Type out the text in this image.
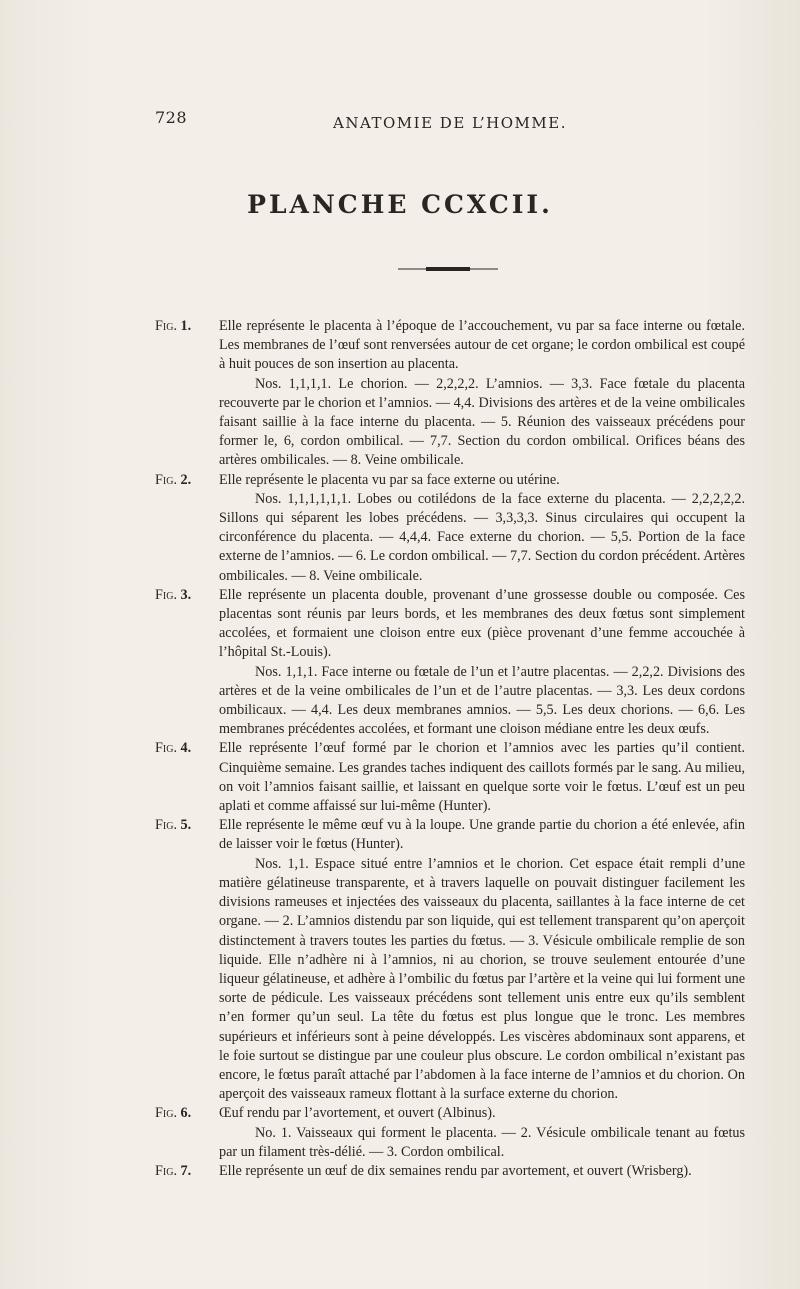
728	ANATOMIE DE L’HOMME.
PLANCHE CCXCII.
Fig. 1. Elle représente le placenta à l’époque de l’accouchement, vu par sa face interne ou fœtale. Les membranes de l’œuf sont renversées autour de cet organe; le cordon ombilical est coupé à huit pouces de son insertion au placenta.
Nos. 1,1,1,1. Le chorion. — 2,2,2,2. L’amnios. — 3,3. Face fœtale du placenta recouverte par le chorion et l’amnios. — 4,4. Divisions des artères et de la veine ombilicales faisant saillie à la face interne du placenta. — 5. Réunion des vaisseaux précédens pour former le, 6, cordon ombilical. — 7,7. Section du cordon ombilical. Orifices béans des artères ombilicales. — 8. Veine ombilicale.
Fig. 2. Elle représente le placenta vu par sa face externe ou utérine.
Nos. 1,1,1,1,1,1. Lobes ou cotilédons de la face externe du placenta. — 2,2,2,2,2. Sillons qui séparent les lobes précédens. — 3,3,3,3. Sinus circulaires qui occupent la circonférence du placenta. — 4,4,4. Face externe du chorion. — 5,5. Portion de la face externe de l’amnios. — 6. Le cordon ombilical. — 7,7. Section du cordon précédent. Artères ombilicales. — 8. Veine ombilicale.
Fig. 3. Elle représente un placenta double, provenant d’une grossesse double ou composée. Ces placentas sont réunis par leurs bords, et les membranes des deux fœtus sont simplement accolées, et formaient une cloison entre eux (pièce provenant d’une femme accouchée à l’hôpital St.-Louis).
Nos. 1,1,1. Face interne ou fœtale de l’un et l’autre placentas. — 2,2,2. Divisions des artères et de la veine ombilicales de l’un et de l’autre placentas. — 3,3. Les deux cordons ombilicaux. — 4,4. Les deux membranes amnios. — 5,5. Les deux chorions. — 6,6. Les membranes précédentes accolées, et formant une cloison médiane entre les deux œufs.
Fig. 4. Elle représente l’œuf formé par le chorion et l’amnios avec les parties qu’il contient. Cinquième semaine. Les grandes taches indiquent des caillots formés par le sang. Au milieu, on voit l’amnios faisant saillie, et laissant en quelque sorte voir le fœtus. L’œuf est un peu aplati et comme affaissé sur lui-même (Hunter).
Fig. 5. Elle représente le même œuf vu à la loupe. Une grande partie du chorion a été enlevée, afin de laisser voir le fœtus (Hunter).
Nos. 1,1. Espace situé entre l’amnios et le chorion. Cet espace était rempli d’une matière gélatineuse transparente, et à travers laquelle on pouvait distinguer facilement les divisions rameuses et injectées des vaisseaux du placenta, saillantes à la face interne de cet organe. — 2. L’amnios distendu par son liquide, qui est tellement transparent qu’on aperçoit distinctement à travers toutes les parties du fœtus. — 3. Vésicule ombilicale remplie de son liquide. Elle n’adhère ni à l’amnios, ni au chorion, se trouve seulement entourée d’une liqueur gélatineuse, et adhère à l’ombilic du fœtus par l’artère et la veine qui lui forment une sorte de pédicule. Les vaisseaux précédens sont tellement unis entre eux qu’ils semblent n’en former qu’un seul. La tête du fœtus est plus longue que le tronc. Les membres supérieurs et inférieurs sont à peine développés. Les viscères abdominaux sont apparens, et le foie surtout se distingue par une couleur plus obscure. Le cordon ombilical n’existant pas encore, le fœtus paraît attaché par l’abdomen à la face interne de l’amnios et du chorion. On aperçoit des vaisseaux rameux flottant à la surface externe du chorion.
Fig. 6. Œuf rendu par l’avortement, et ouvert (Albinus).
No. 1. Vaisseaux qui forment le placenta. — 2. Vésicule ombilicale tenant au fœtus par un filament très-délié. — 3. Cordon ombilical.
Fig. 7. Elle représente un œuf de dix semaines rendu par avortement, et ouvert (Wrisberg).
